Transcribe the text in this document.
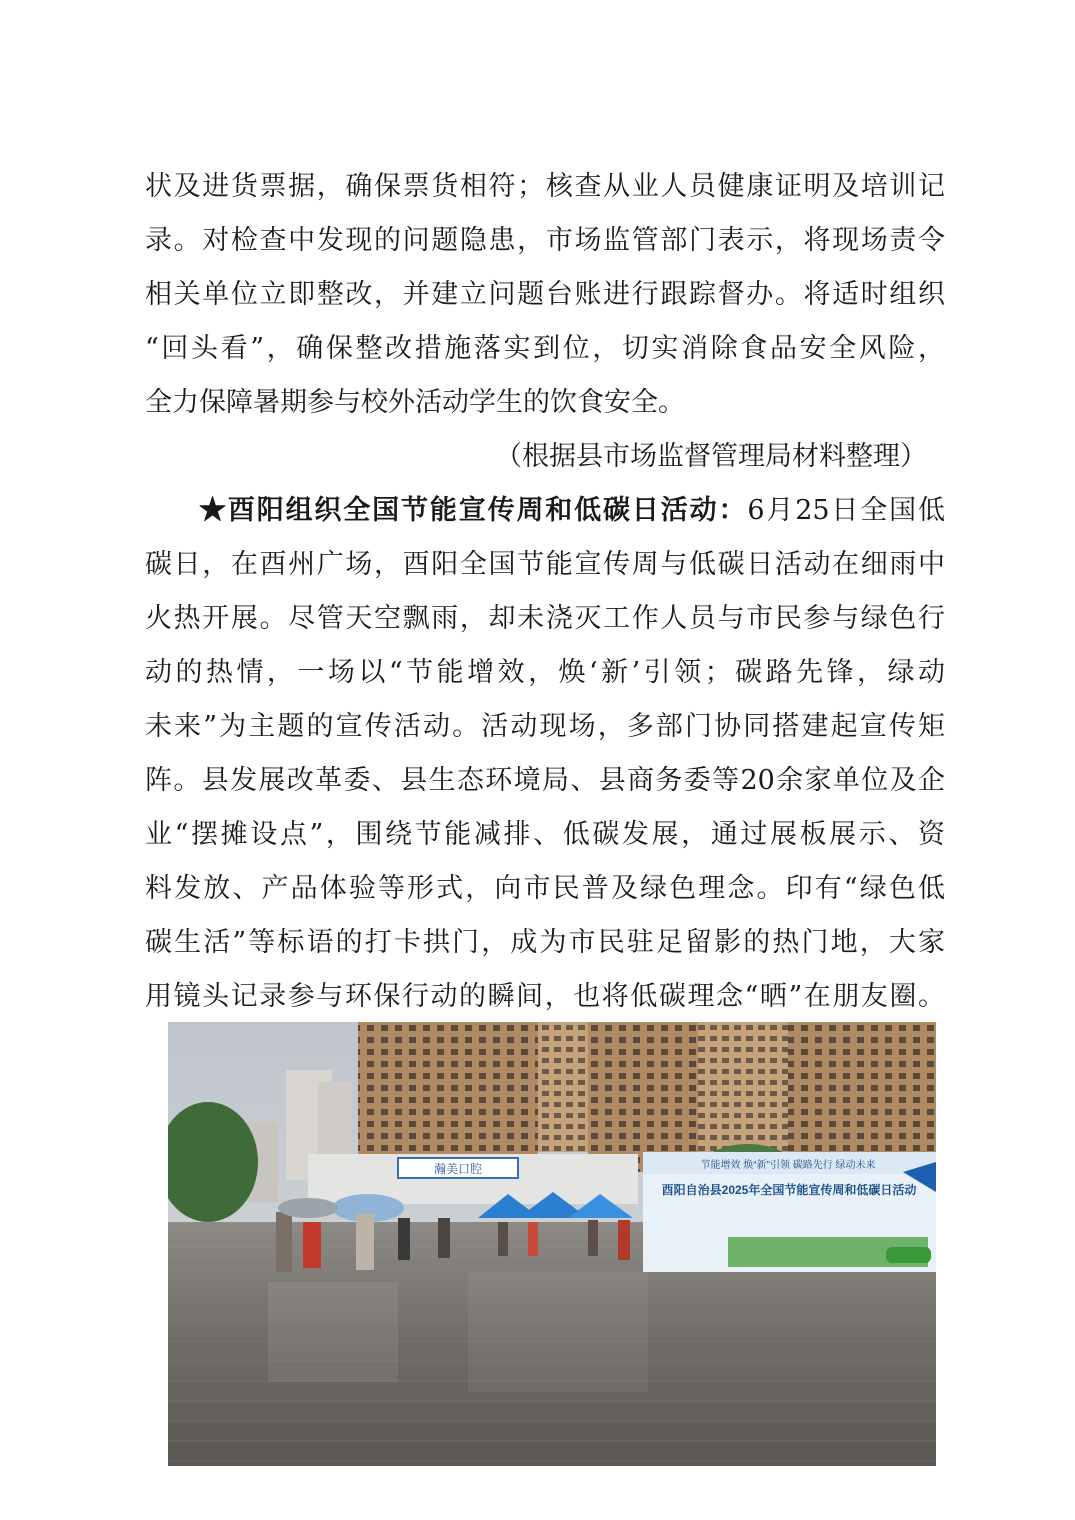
状及进货票据，确保票货相符；核查从业人员健康证明及培训记
录。对检查中发现的问题隐患，市场监管部门表示，将现场责令
相关单位立即整改，并建立问题台账进行跟踪督办。将适时组织
“回头看”，确保整改措施落实到位，切实消除食品安全风险，
全力保障暑期参与校外活动学生的饮食安全。
（根据县市场监督管理局材料整理）
★酉阳组织全国节能宣传周和低碳日活动：6月25日全国低
碳日，在酉州广场，酉阳全国节能宣传周与低碳日活动在细雨中
火热开展。尽管天空飘雨，却未浇灭工作人员与市民参与绿色行
动的热情，一场以“节能增效，焕‘新’引领；碳路先锋，绿动
未来”为主题的宣传活动。活动现场，多部门协同搭建起宣传矩
阵。县发展改革委、县生态环境局、县商务委等20余家单位及企
业“摆摊设点”，围绕节能减排、低碳发展，通过展板展示、资
料发放、产品体验等形式，向市民普及绿色理念。印有“绿色低
碳生活”等标语的打卡拱门，成为市民驻足留影的热门地，大家
用镜头记录参与环保行动的瞬间，也将低碳理念“晒”在朋友圈。
瀚美口腔	节能增效 焕“新”引领 碳路先行 绿动未来
酉阳自治县2025年全国节能宣传周和低碳日活动
